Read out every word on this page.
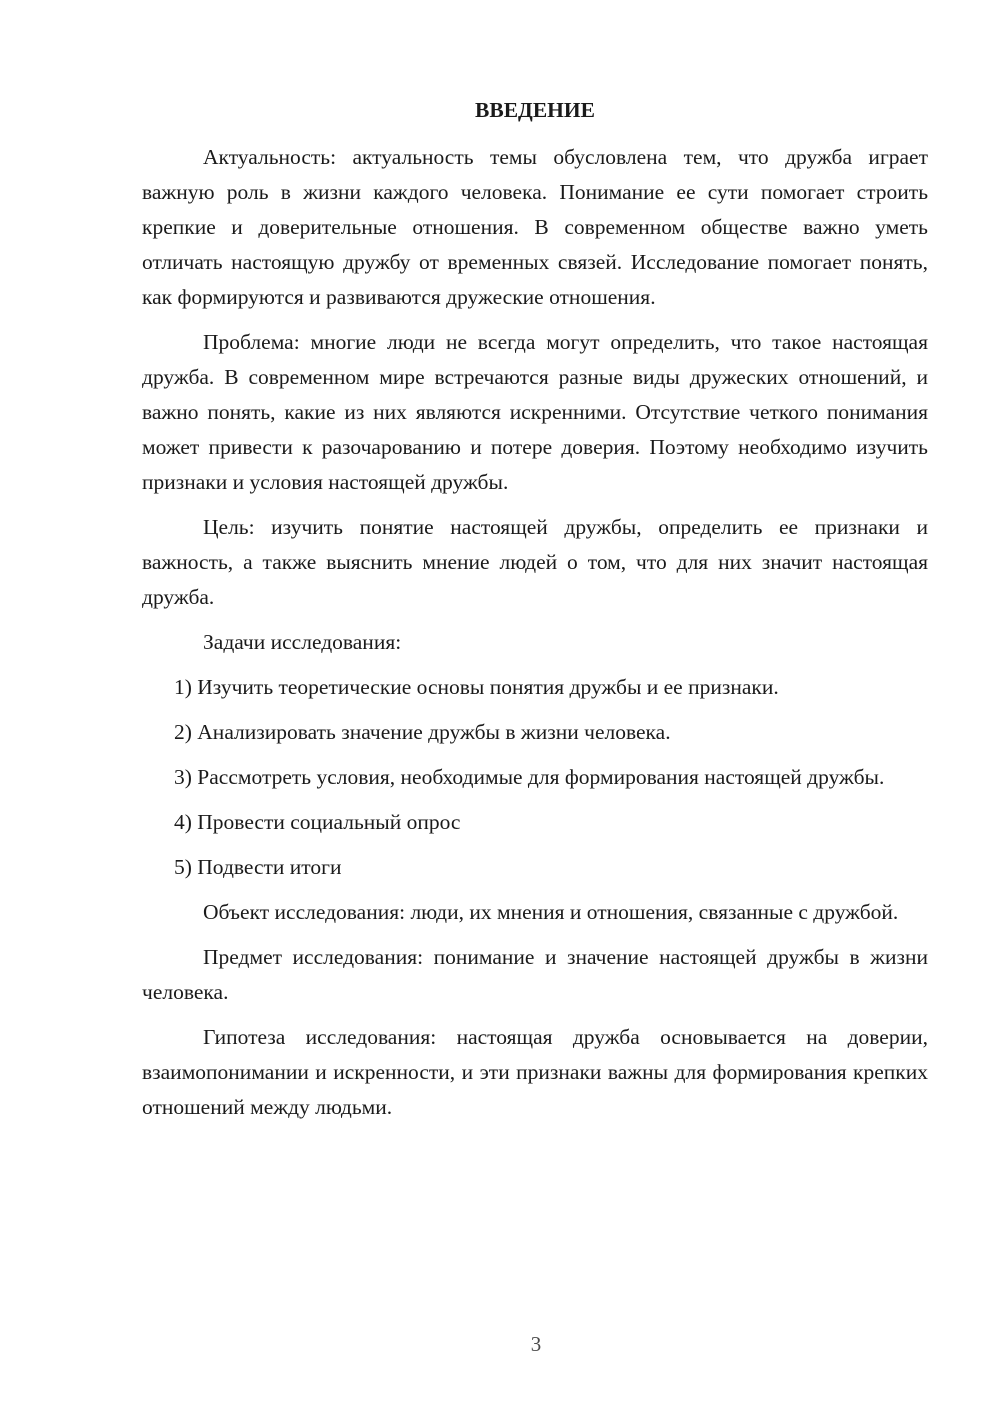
ВВЕДЕНИЕ

Актуальность: актуальность темы обусловлена тем, что дружба играет важную роль в жизни каждого человека. Понимание ее сути помогает строить крепкие и доверительные отношения. В современном обществе важно уметь отличать настоящую дружбу от временных связей. Исследование помогает понять, как формируются и развиваются дружеские отношения.

Проблема: многие люди не всегда могут определить, что такое настоящая дружба. В современном мире встречаются разные виды дружеских отношений, и важно понять, какие из них являются искренними. Отсутствие четкого понимания может привести к разочарованию и потере доверия. Поэтому необходимо изучить признаки и условия настоящей дружбы.

Цель: изучить понятие настоящей дружбы, определить ее признаки и важность, а также выяснить мнение людей о том, что для них значит настоящая дружба.

Задачи исследования:

1) Изучить теоретические основы понятия дружбы и ее признаки.

2) Анализировать значение дружбы в жизни человека.

3) Рассмотреть условия, необходимые для формирования настоящей дружбы.

4) Провести социальный опрос

5) Подвести итоги

Объект исследования: люди, их мнения и отношения, связанные с дружбой.

Предмет исследования: понимание и значение настоящей дружбы в жизни человека.

Гипотеза исследования: настоящая дружба основывается на доверии, взаимопонимании и искренности, и эти признаки важны для формирования крепких отношений между людьми.

3
